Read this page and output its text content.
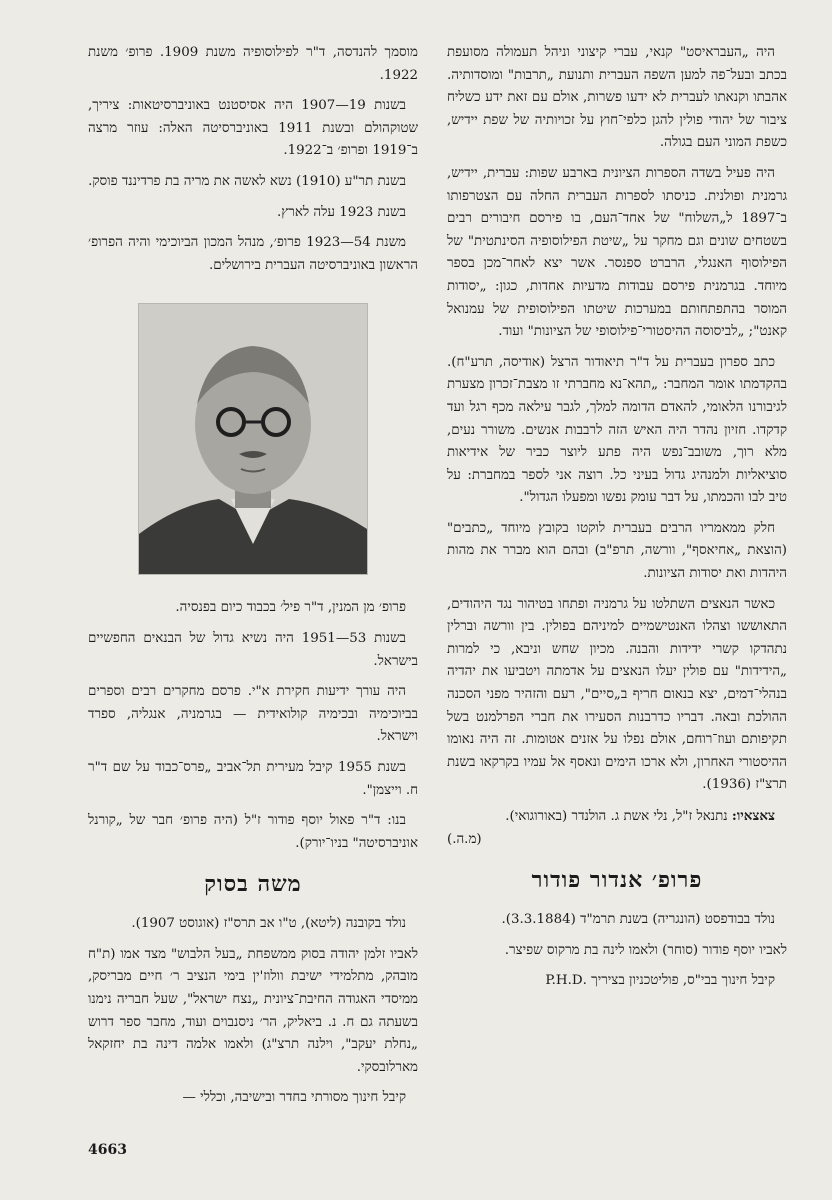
היה „העבראיסט" קנאי, עברי קיצוני וניהל תעמולה מסועפת בכתב ובעל־פה למען השפה העברית ותנועת „תרבות" ומוסדותיה. אהבתו וקנאתו לעברית לא ידעו פשרות, אולם עם זאת ידע כשליח ציבור של יהודי פולין להגן כלפי־חוץ על זכויותיה של שפת יידיש, כשפת המוני העם בגולה.

היה פעיל בשדה הספרות הציונית בארבע שפות: עברית, יידיש, גרמנית ופולנית. כניסתו לספרות העברית החלה עם הצטרפותו ב־1897 ל„השלוח" של אחד־העם, בו פירסם חיבורים רבים בשטחים שונים וגם מחקר על „שיטת הפילוסופיה הסינתטית" של הפילוסוף האנגלי, הרברט ספנסר. אשר יצא לאחר־מכן בספר מיוחד. בגרמנית פירסם עבודות מדעיות אחדות, כגון: „יסודות המוסר בהתפתחותם במערכות שיטתו הפילוסופית של עמנואל קאנט"; „לביסוסה ההיסטורי־פילוסופי של הציונות" ועוד.

כתב ספרון בעברית על ד"ר תיאודור הרצל (אודיסה, תרע"ח). בהקדמתו אומר המחבר: „תהא־נא מחברתי זו מצבת־זכרון מצערת לגיבורנו הלאומי, להאדם הדומה למלך, לגבר עילאה מכף רגל ועד קדקדו. חזיון נהדר היה האיש הזה לרבבות אנשים. משורר נעים, מלא רוך, משובב־נפש היה פתע ליוצר כביר של אידיאות סוציאליות ולמנהיג גדול בעיני כל. רוצה אני לספר במחברת: על טיב לבו והכמתו, על דבר עומק נפשו ומפעלו הגדול".

חלק ממאמריו הרבים בעברית לוקטו בקובץ מיוחד „כתבים" (הוצאת „אחיאסף", וורשה, תרפ"ב) ובהם הוא מברר את מהות היהדות ואת יסודות הציונות.

כאשר הנאצים השתלטו על גרמניה ופתחו בטיהור נגד היהודים, התאוששו וצהלו האנטישמיים למיניהם בפולין. בין וורשה וברלין נתהדקו קשרי ידידות והבנה. מכיון שחש וניבא, כי למרות „הידידות" עם פולין יעלו הנאצים על אדמתה ויטביעו את יהדיה בנהלי־דמים, יצא בנאום חריף ב„סיים", רעם והזהיר מפני הסכנה ההולכת ובאה. דבריו כדרבנות הסעירו את חברי הפרלמנט בשל תקיפותם ועוז־רוחם, אולם נפלו על אזנים אטומות. זה היה נאומו ההיסטורי האחרון, ולא ארכו הימים ונאסף אל עמיו בקרקאו בשנת תרצ"ז (1936).

צאצאיו: נתנאל ז"ל, נלי אשת ג. הולנדר (באורוגואי).
(מ.ה.)

פרופ׳ אנדור פודור

נולד בבודפסט (הונגריה) בשנת תרמ"ד (3.3.1884).

לאביו יוסף פודור (סוחר) ולאמו לינה בת מרקוס שפיצר.

קיבל חינוך בבי"ס, פוליטכניון בציריך .P.H.D

מוסמך להנדסה, ד"ר לפילוסופיה משנת 1909. פרופ׳ משנת 1922.

בשנות 19—1907 היה אסיסטנט באוניברסיטאות: ציריך, שטוקהולם ובשנת 1911 באוניברסיטה האלה: עוזר מרצה ב־1919 ופרופ׳ ב־1922.

בשנת תר"ע (1910) נשא לאשה את מריה בת פרדיננד פוסק.

בשנת 1923 עלה לארץ.

משנת 54—1923 פרופ׳, מנהל המכון הביוכימי והיה הפרופ׳ הראשון באוניברסיטה העברית בירושלים.

פרופ׳ מן המנין, ד"ר פיל׳ בכבוד כיום בפנסיה.

בשנות 53—1951 היה נשיא גדול של הבנאים החפשיים בישראל.

היה עורך ידיעות חקירת א"י. פרסם מחקרים רבים וספרים בביוכימיה ובכימיה קולואידית — בגרמניה, אנגליה, ספרד וישראל.

בשנת 1955 קיבל מעירית תל־אביב „פרס־כבוד על שם ד"ר ח. וייצמן".

בנו: ד"ר פאול יוסף פודור ז"ל (היה פרופ׳ חבר של „קורנל אוניברסיטה" בניו־יורק).

משה בסוק

נולד בקובנה (ליטא), ט"ו אב תרס"ז (אוגוסט 1907).

לאביו זלמן יהודה בסוק ממשפחת „בעל הלבוש" מצד אמו (ת"ח מובהק, מתלמידי ישיבת וולוז'ין בימי הנציב ר׳ חיים מבריסק, ממיסדי האגודה החיבת־ציונית „נצח ישראל", שעל חבריה נימנו בשעתה גם ח. נ. ביאליק, הר׳ ניסנבוים ועוד, מחבר ספר דרוש „נחלת יעקב", וילנה תרצ"ג) ולאמו אלמה דינה בת יחזקאל מארלובסקי.

קיבל חינוך מסורתי בחדר ובישיבה, וכללי —

4663
